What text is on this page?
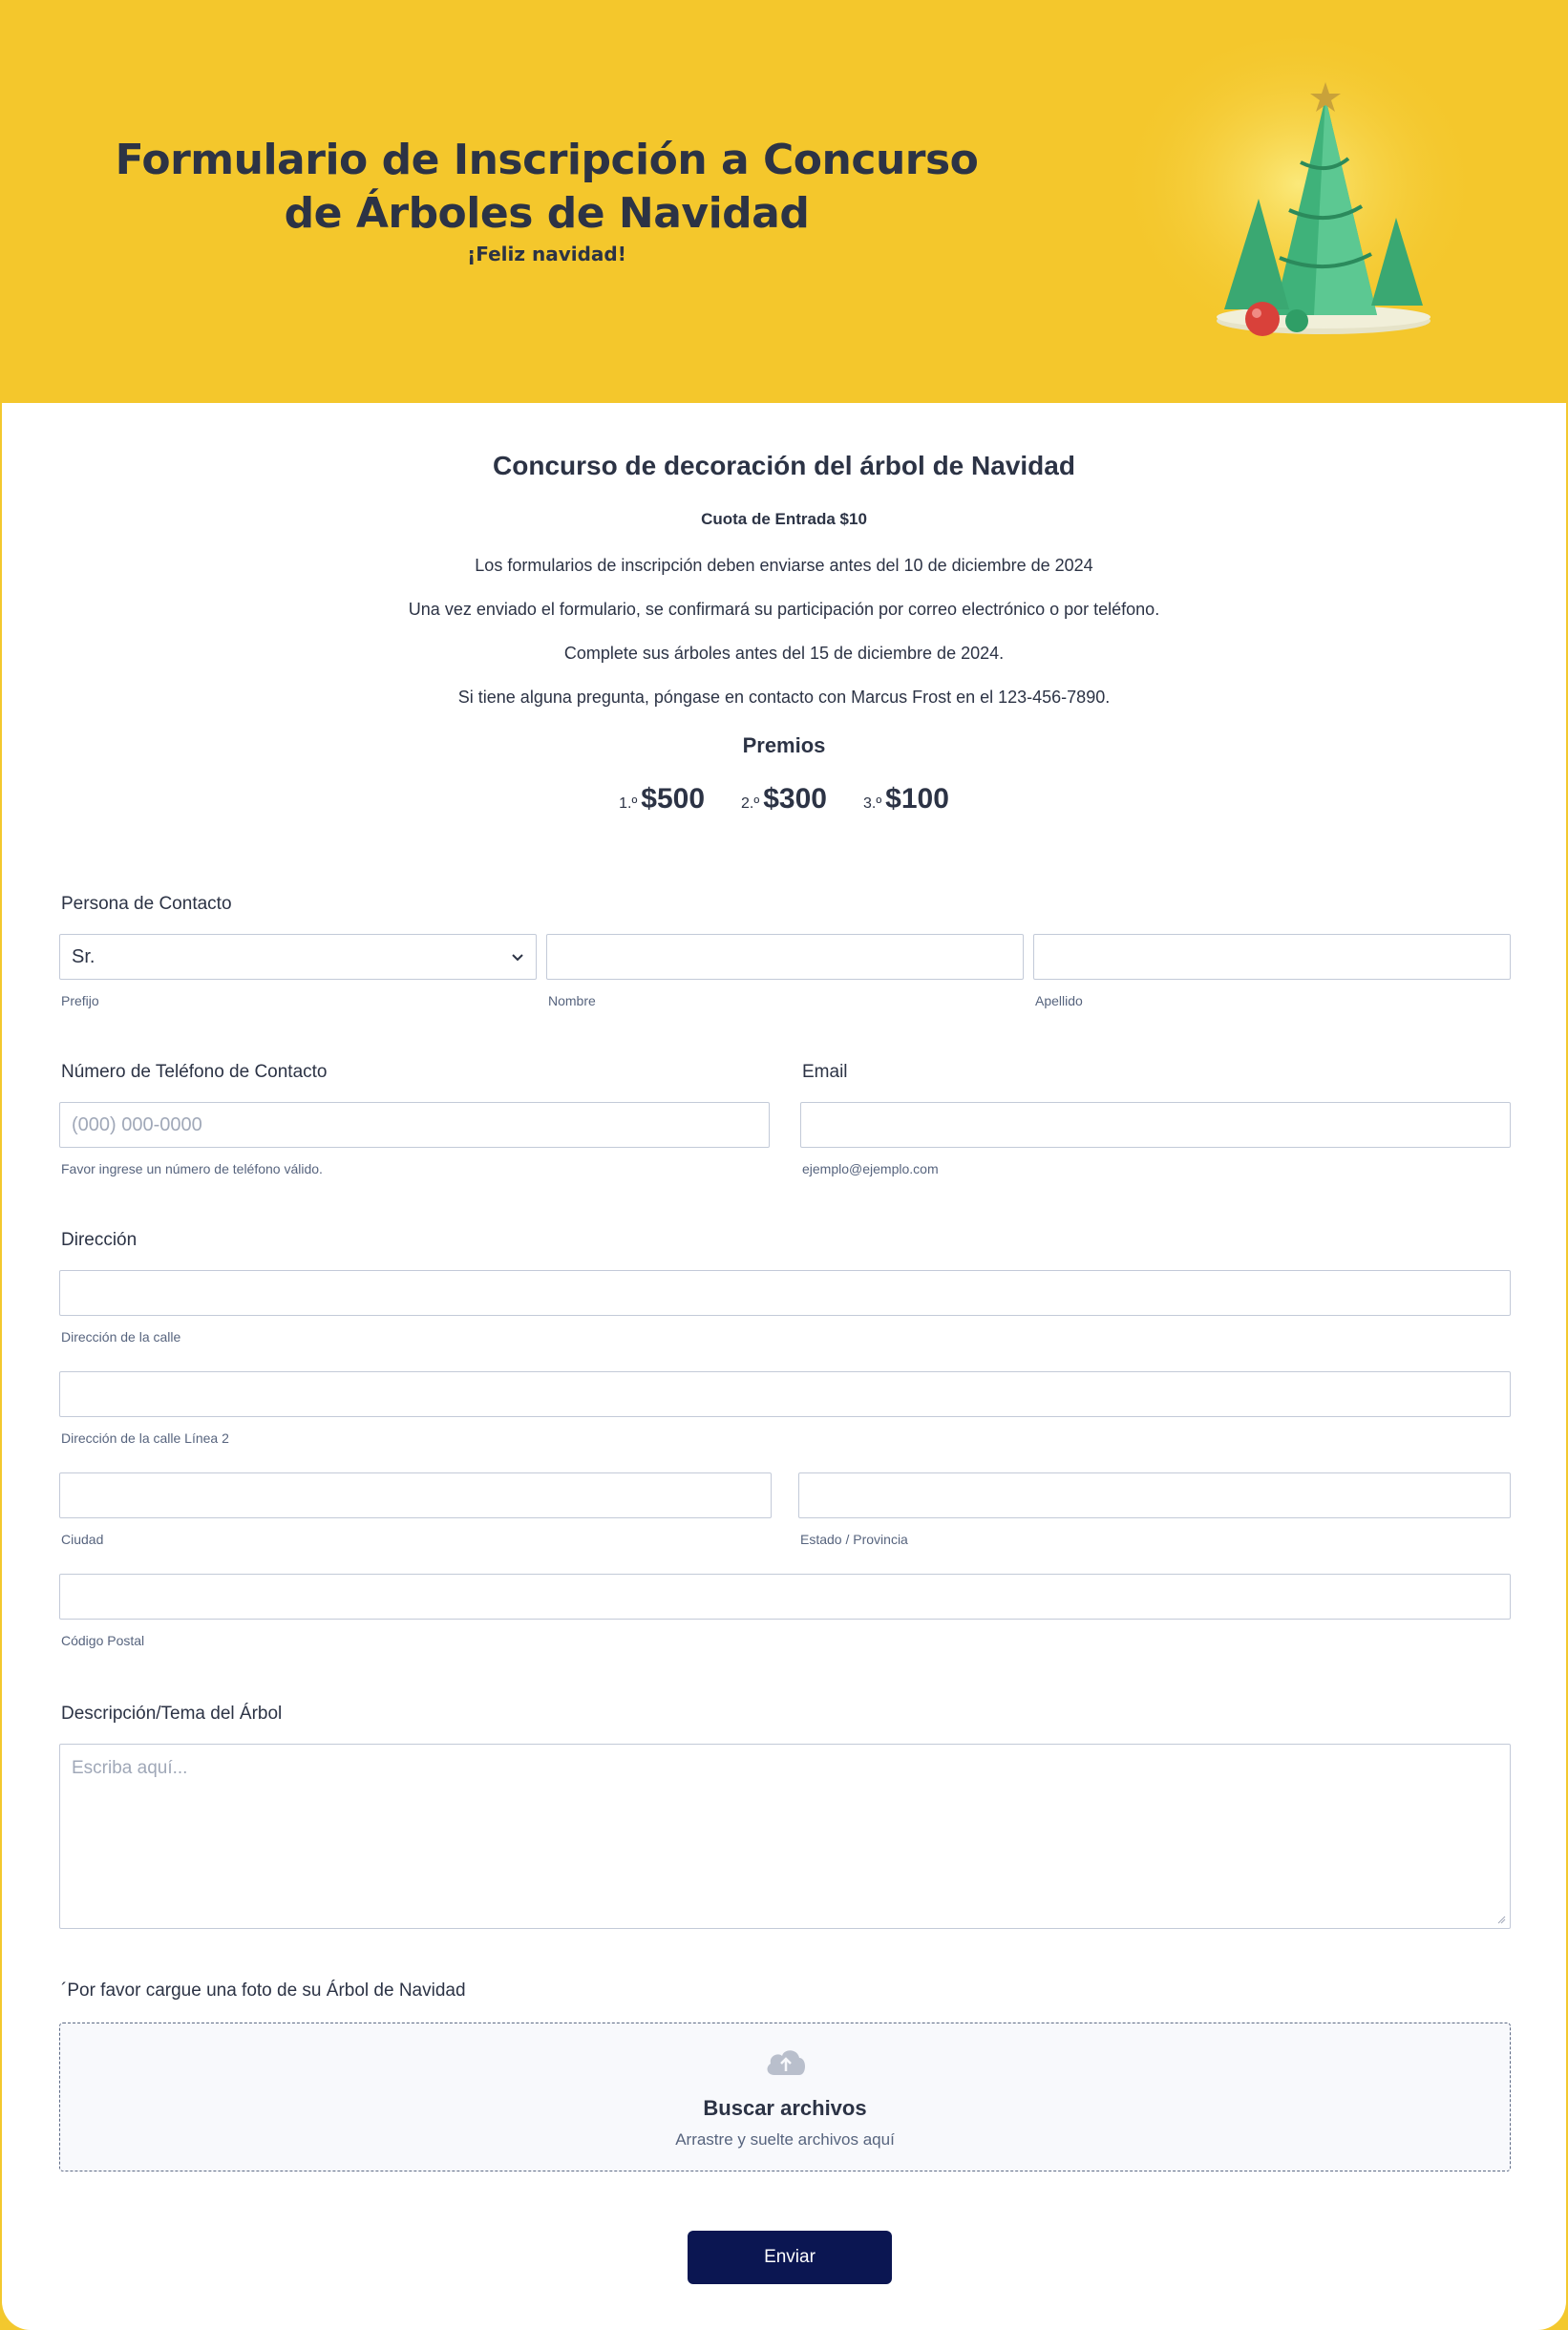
Formulario de Inscripción a Concurso de Árboles de Navidad
¡Feliz navidad!
Concurso de decoración del árbol de Navidad
Cuota de Entrada $10
Los formularios de inscripción deben enviarse antes del 10 de diciembre de 2024
Una vez enviado el formulario, se confirmará su participación por correo electrónico o por teléfono.
Complete sus árboles antes del 15 de diciembre de 2024.
Si tiene alguna pregunta, póngase en contacto con Marcus Frost en el 123-456-7890.
Premios
1.º $500 2.º $300 3.º $100
Persona de Contacto
Sr.
Prefijo	Nombre	Apellido
Número de Teléfono de Contacto
(000) 000-0000
Favor ingrese un número de teléfono válido.
Email
ejemplo@ejemplo.com
Dirección
Dirección de la calle
Dirección de la calle Línea 2
Ciudad	Estado / Provincia
Código Postal
Descripción/Tema del Árbol
Escriba aquí...
´Por favor cargue una foto de su Árbol de Navidad
Buscar archivos
Arrastre y suelte archivos aquí
Enviar
